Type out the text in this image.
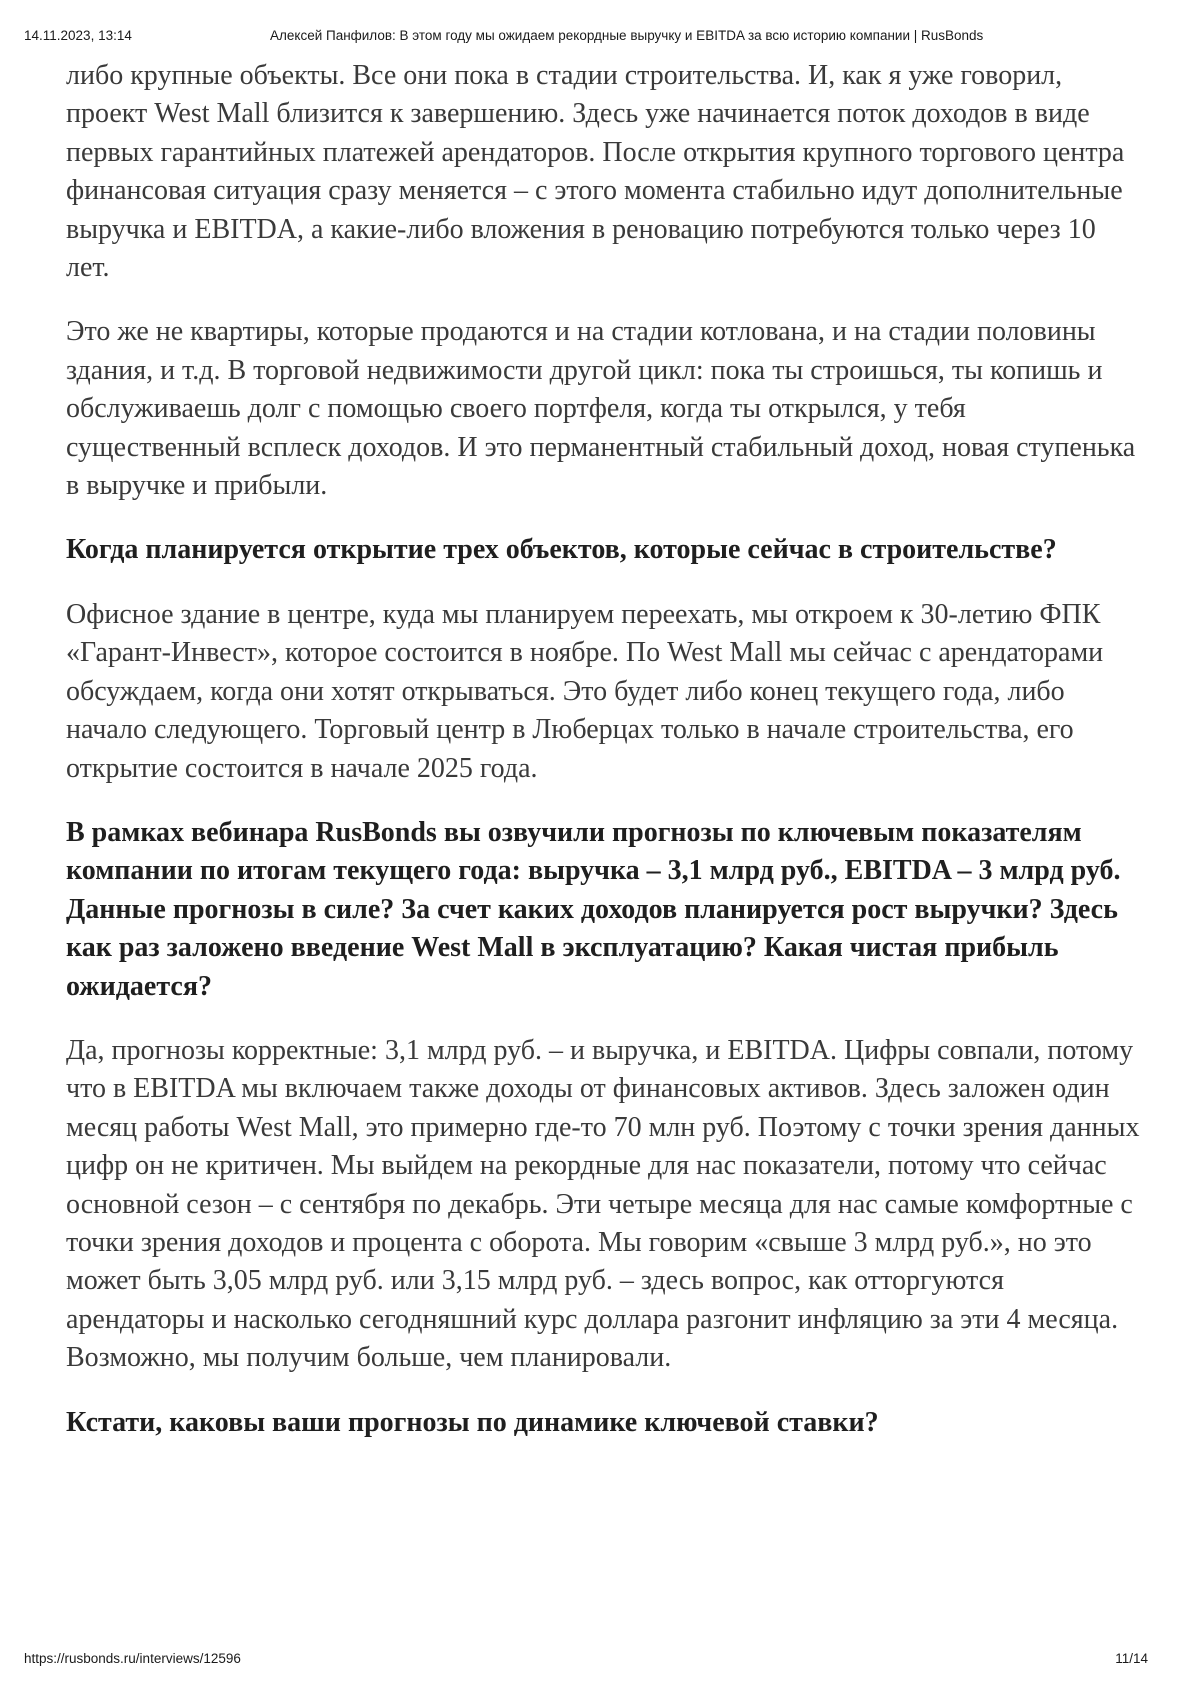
14.11.2023, 13:14	Алексей Панфилов: В этом году мы ожидаем рекордные выручку и EBITDA за всю историю компании | RusBonds

либо крупные объекты. Все они пока в стадии строительства. И, как я уже говорил, проект West Mall близится к завершению. Здесь уже начинается поток доходов в виде первых гарантийных платежей арендаторов. После открытия крупного торгового центра финансовая ситуация сразу меняется – с этого момента стабильно идут дополнительные выручка и EBITDA, а какие-либо вложения в реновацию потребуются только через 10 лет.

Это же не квартиры, которые продаются и на стадии котлована, и на стадии половины здания, и т.д. В торговой недвижимости другой цикл: пока ты строишься, ты копишь и обслуживаешь долг с помощью своего портфеля, когда ты открылся, у тебя существенный всплеск доходов. И это перманентный стабильный доход, новая ступенька в выручке и прибыли.

Когда планируется открытие трех объектов, которые сейчас в строительстве?

Офисное здание в центре, куда мы планируем переехать, мы откроем к 30-летию ФПК «Гарант-Инвест», которое состоится в ноябре. По West Mall мы сейчас с арендаторами обсуждаем, когда они хотят открываться. Это будет либо конец текущего года, либо начало следующего. Торговый центр в Люберцах только в начале строительства, его открытие состоится в начале 2025 года.

В рамках вебинара RusBonds вы озвучили прогнозы по ключевым показателям компании по итогам текущего года: выручка – 3,1 млрд руб., EBITDA – 3 млрд руб. Данные прогнозы в силе? За счет каких доходов планируется рост выручки? Здесь как раз заложено введение West Mall в эксплуатацию? Какая чистая прибыль ожидается?

Да, прогнозы корректные: 3,1 млрд руб. – и выручка, и EBITDA. Цифры совпали, потому что в EBITDA мы включаем также доходы от финансовых активов. Здесь заложен один месяц работы West Mall, это примерно где-то 70 млн руб. Поэтому с точки зрения данных цифр он не критичен. Мы выйдем на рекордные для нас показатели, потому что сейчас основной сезон – с сентября по декабрь. Эти четыре месяца для нас самые комфортные с точки зрения доходов и процента с оборота. Мы говорим «свыше 3 млрд руб.», но это может быть 3,05 млрд руб. или 3,15 млрд руб. – здесь вопрос, как отторгуются арендаторы и насколько сегодняшний курс доллара разгонит инфляцию за эти 4 месяца. Возможно, мы получим больше, чем планировали.

Кстати, каковы ваши прогнозы по динамике ключевой ставки?
https://rusbonds.ru/interviews/12596	11/14
